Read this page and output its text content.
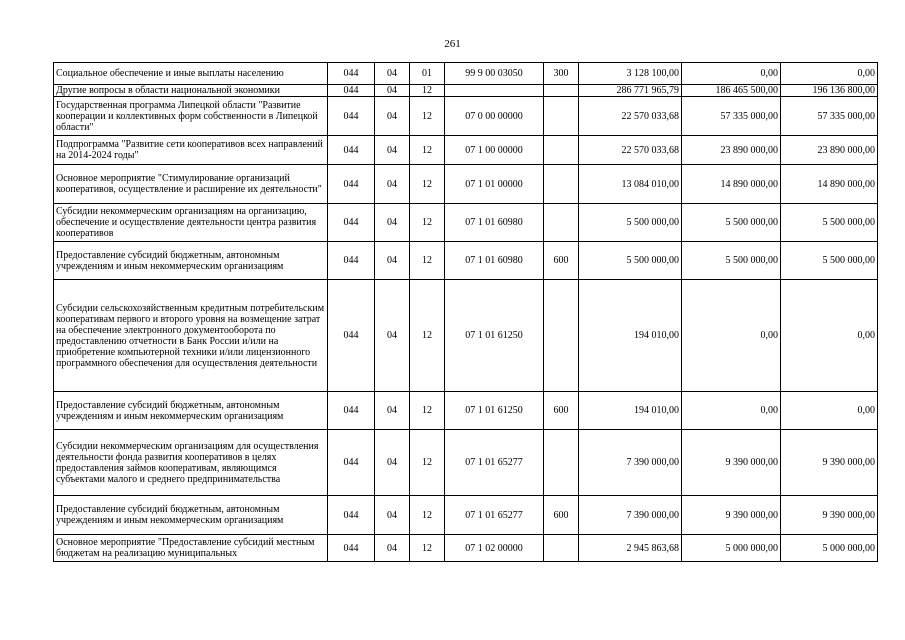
261
Социальное обеспечение и иные выплаты населению	044	04	01	99 9 00 03050	300	3 128 100,00	0,00	0,00
Другие вопросы в области национальной экономики	044	04	12			286 771 965,79	186 465 500,00	196 136 800,00
Государственная программа Липецкой области "Развитие кооперации и коллективных форм собственности в Липецкой области"	044	04	12	07 0 00 00000		22 570 033,68	57 335 000,00	57 335 000,00
Подпрограмма "Развитие сети кооперативов всех направлений на 2014-2024 годы"	044	04	12	07 1 00 00000		22 570 033,68	23 890 000,00	23 890 000,00
Основное мероприятие "Стимулирование организаций кооперативов, осуществление и расширение их деятельности"	044	04	12	07 1 01 00000		13 084 010,00	14 890 000,00	14 890 000,00
Субсидии некоммерческим организациям на организацию, обеспечение и осуществление деятельности центра развития кооперативов	044	04	12	07 1 01 60980		5 500 000,00	5 500 000,00	5 500 000,00
Предоставление субсидий бюджетным, автономным учреждениям и иным некоммерческим организациям	044	04	12	07 1 01 60980	600	5 500 000,00	5 500 000,00	5 500 000,00
Субсидии сельскохозяйственным кредитным потребительским кооперативам первого и второго уровня на возмещение затрат на обеспечение электронного документооборота по предоставлению отчетности в Банк России и/или на приобретение компьютерной техники и/или лицензионного программного обеспечения для осуществления деятельности	044	04	12	07 1 01 61250		194 010,00	0,00	0,00
Предоставление субсидий бюджетным, автономным учреждениям и иным некоммерческим организациям	044	04	12	07 1 01 61250	600	194 010,00	0,00	0,00
Субсидии некоммерческим организациям для осуществления деятельности фонда развития кооперативов в целях предоставления займов кооперативам, являющимся субъектами малого и среднего предпринимательства	044	04	12	07 1 01 65277		7 390 000,00	9 390 000,00	9 390 000,00
Предоставление субсидий бюджетным, автономным учреждениям и иным некоммерческим организациям	044	04	12	07 1 01 65277	600	7 390 000,00	9 390 000,00	9 390 000,00
Основное мероприятие "Предоставление субсидий местным бюджетам на реализацию муниципальных	044	04	12	07 1 02 00000		2 945 863,68	5 000 000,00	5 000 000,00
